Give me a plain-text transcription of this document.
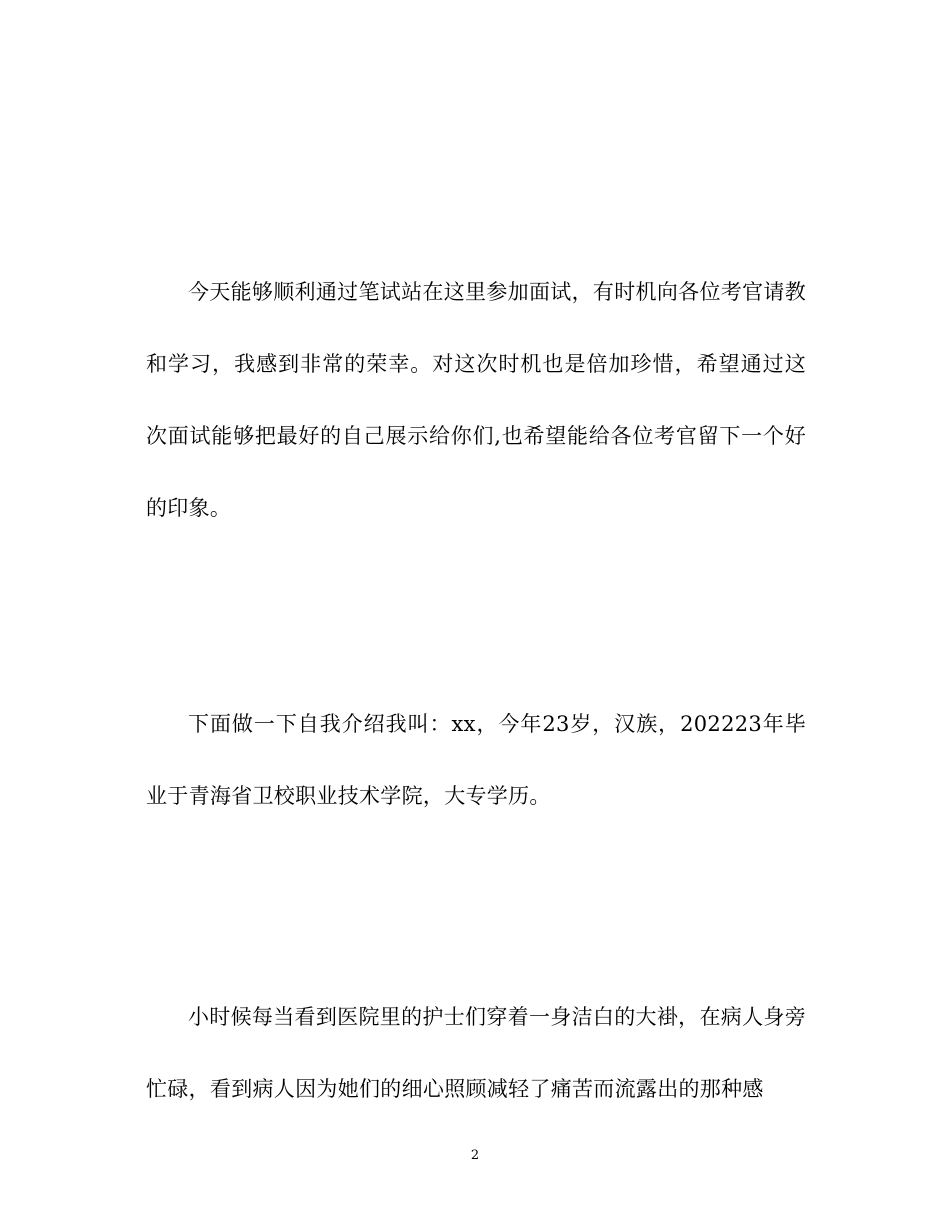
今天能够顺利通过笔试站在这里参加面试，有时机向各位考官请教和学习，我感到非常的荣幸。对这次时机也是倍加珍惜，希望通过这次面试能够把最好的自己展示给你们,也希望能给各位考官留下一个好的印象。

下面做一下自我介绍我叫：xx，今年23岁，汉族，202223年毕业于青海省卫校职业技术学院，大专学历。

小时候每当看到医院里的护士们穿着一身洁白的大褂，在病人身旁忙碌，看到病人因为她们的细心照顾减轻了痛苦而流露出的那种感

2
